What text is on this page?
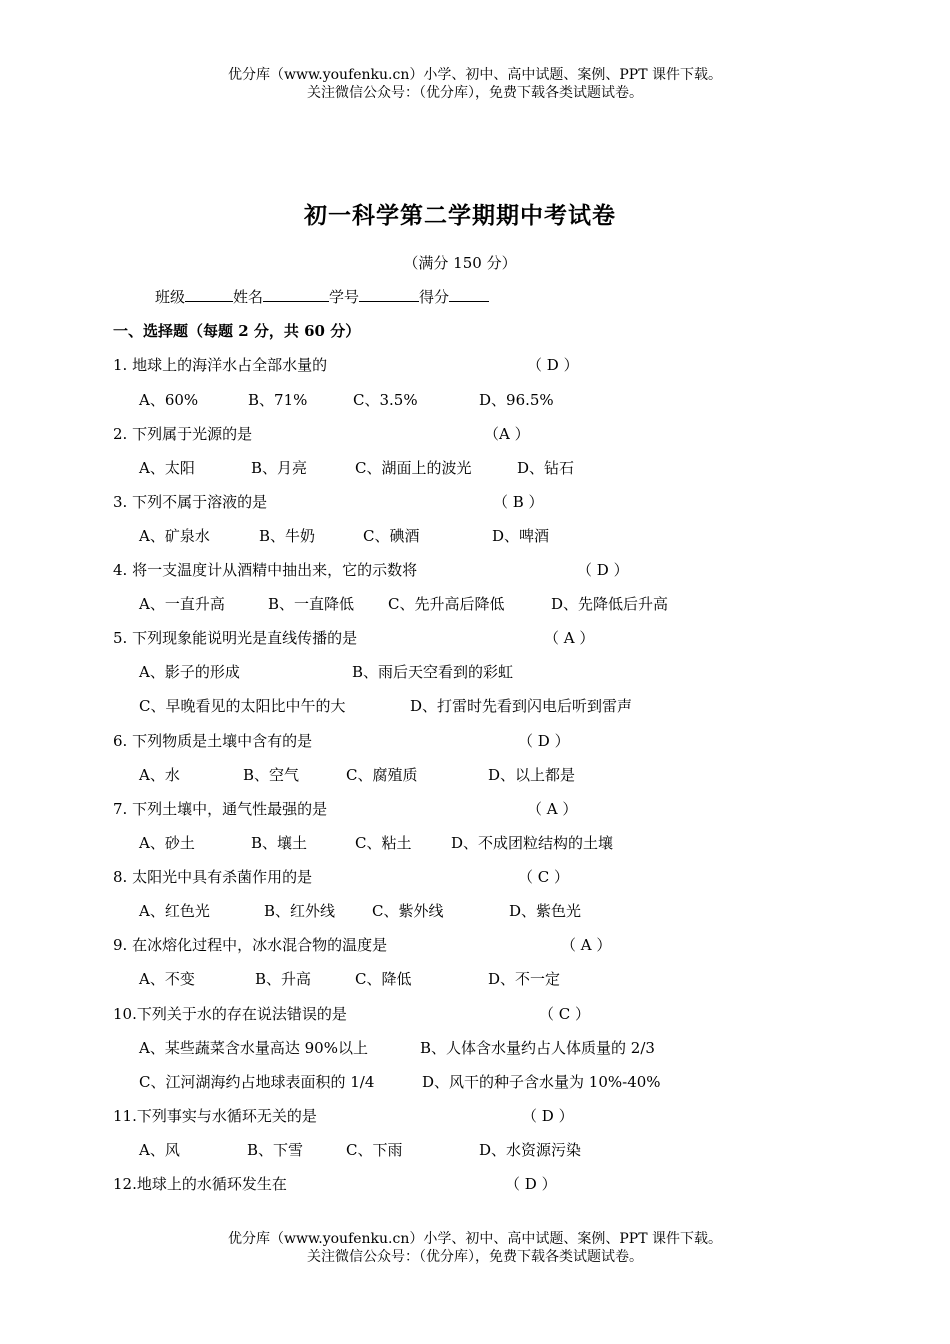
优分库（www.youfenku.cn）小学、初中、高中试题、案例、PPT 课件下载。
关注微信公众号：（优分库），免费下载各类试题试卷。
初一科学第二学期期中考试卷
（满分 150 分）
班级	姓名	学号	得分
一、选择题（每题 2 分，共 60 分）
1. 地球上的海洋水占全部水量的	（ D ）
A、60%	B、71%	C、3.5%	D、96.5%
2. 下列属于光源的是	（A ）
A、太阳	B、月亮	C、湖面上的波光	D、钻石
3. 下列不属于溶液的是	（ B ）
A、矿泉水	B、牛奶	C、碘酒	D、啤酒
4. 将一支温度计从酒精中抽出来，它的示数将	（ D ）
A、一直升高	B、一直降低 C、先升高后降低	D、先降低后升高
5. 下列现象能说明光是直线传播的是	（ A ）
A、影子的形成	B、雨后天空看到的彩虹
C、早晚看见的太阳比中午的大	D、打雷时先看到闪电后听到雷声
6. 下列物质是土壤中含有的是	（ D ）
A、水	B、空气	C、腐殖质	D、以上都是
7. 下列土壤中，通气性最强的是	（ A ）
A、砂土	B、壤土	C、粘土	D、不成团粒结构的土壤
8. 太阳光中具有杀菌作用的是	（ C ）
A、红色光	B、红外线 C、紫外线	D、紫色光
9. 在冰熔化过程中，冰水混合物的温度是	（ A ）
A、不变	B、升高	C、降低	D、不一定
10.下列关于水的存在说法错误的是	（ C ）
A、某些蔬菜含水量高达 90%以上	B、人体含水量约占人体质量的 2/3
C、江河湖海约占地球表面积的 1/4	D、风干的种子含水量为 10%-40%
11.下列事实与水循环无关的是	（ D ）
A、风	B、下雪	C、下雨	D、水资源污染
12.地球上的水循环发生在	（ D ）
优分库（www.youfenku.cn）小学、初中、高中试题、案例、PPT 课件下载。
关注微信公众号：（优分库），免费下载各类试题试卷。
